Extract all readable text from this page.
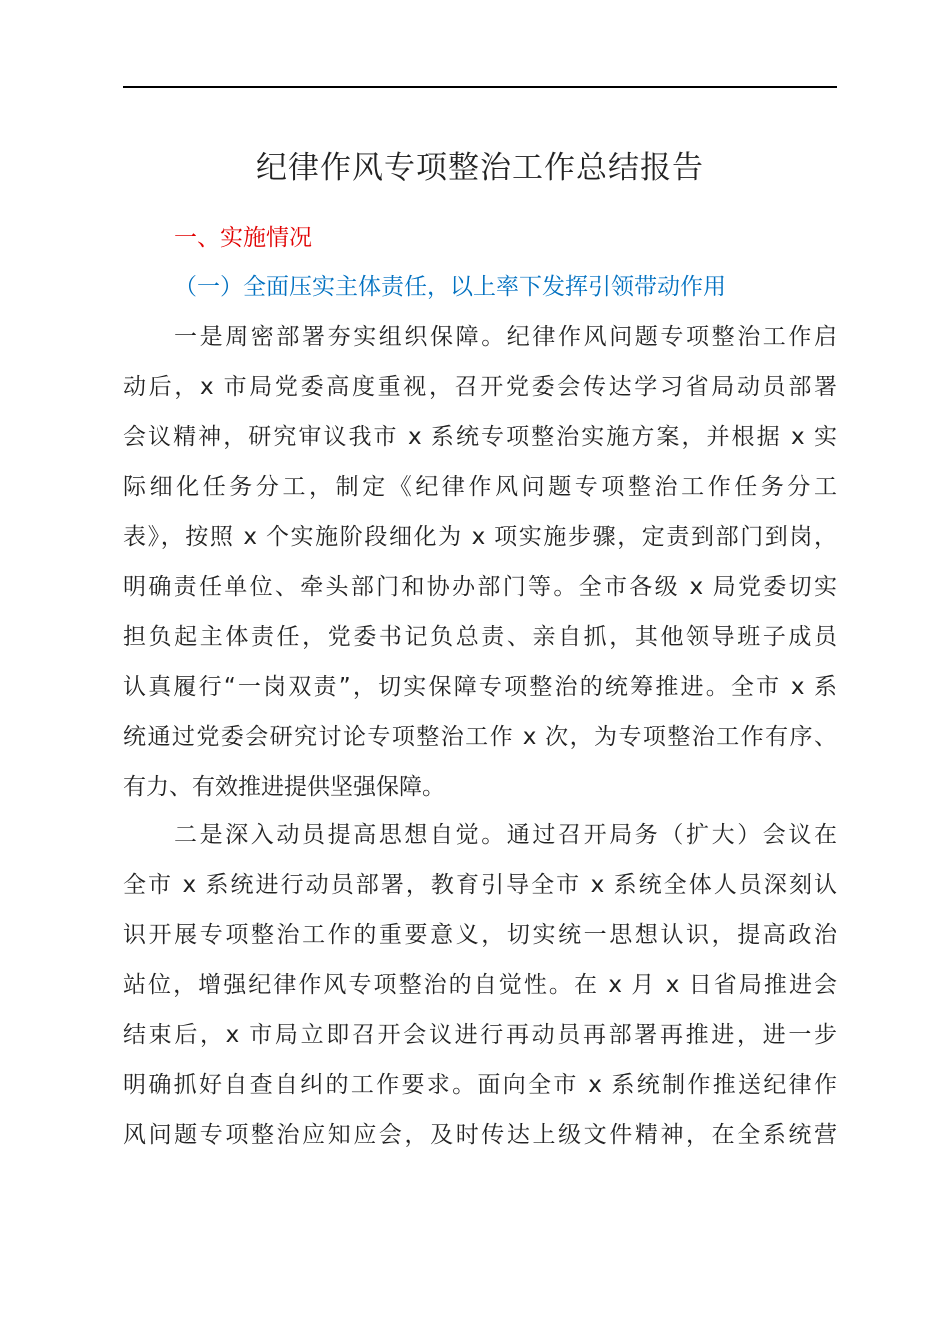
纪律作风专项整治工作总结报告
一、实施情况
（一）全面压实主体责任，以上率下发挥引领带动作用
一是周密部署夯实组织保障。纪律作风问题专项整治工作启
动后，x 市局党委高度重视，召开党委会传达学习省局动员部署
会议精神，研究审议我市 x 系统专项整治实施方案，并根据 x 实
际细化任务分工，制定《纪律作风问题专项整治工作任务分工
表》，按照 x 个实施阶段细化为 x 项实施步骤，定责到部门到岗，
明确责任单位、牵头部门和协办部门等。全市各级 x 局党委切实
担负起主体责任，党委书记负总责、亲自抓，其他领导班子成员
认真履行“一岗双责”，切实保障专项整治的统筹推进。全市 x 系
统通过党委会研究讨论专项整治工作 x 次，为专项整治工作有序、
有力、有效推进提供坚强保障。
二是深入动员提高思想自觉。通过召开局务（扩大）会议在
全市 x 系统进行动员部署，教育引导全市 x 系统全体人员深刻认
识开展专项整治工作的重要意义，切实统一思想认识，提高政治
站位，增强纪律作风专项整治的自觉性。在 x 月 x 日省局推进会
结束后，x 市局立即召开会议进行再动员再部署再推进，进一步
明确抓好自查自纠的工作要求。面向全市 x 系统制作推送纪律作
风问题专项整治应知应会，及时传达上级文件精神，在全系统营
